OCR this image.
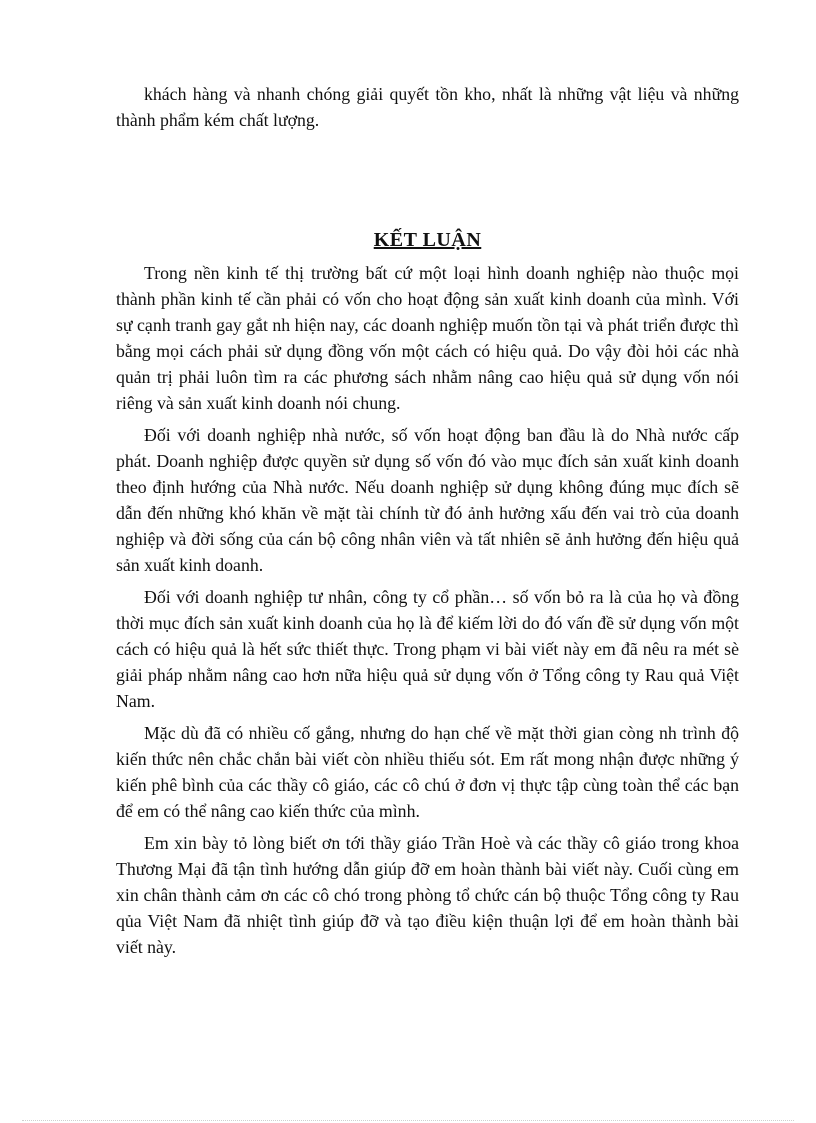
khách hàng và nhanh chóng giải quyết tồn kho, nhất là những vật liệu và những thành phẩm kém chất lượng.

KẾT LUẬN

Trong nền kinh tế thị trường bất cứ một loại hình doanh nghiệp nào thuộc mọi thành phần kinh tế cần phải có vốn cho hoạt động sản xuất kinh doanh của mình. Với sự cạnh tranh gay gắt nh hiện nay, các doanh nghiệp muốn tồn tại và phát triển được thì bằng mọi cách phải sử dụng đồng vốn một cách có hiệu quả. Do vậy đòi hỏi các nhà quản trị phải luôn tìm ra các phương sách nhằm nâng cao hiệu quả sử dụng vốn nói riêng và sản xuất kinh doanh nói chung.

Đối với doanh nghiệp nhà nước, số vốn hoạt động ban đầu là do Nhà nước cấp phát. Doanh nghiệp được quyền sử dụng số vốn đó vào mục đích sản xuất kinh doanh theo định hướng của Nhà nước. Nếu doanh nghiệp sử dụng không đúng mục đích sẽ dẫn đến những khó khăn về mặt tài chính từ đó ảnh hưởng xấu đến vai trò của doanh nghiệp và đời sống của cán bộ công nhân viên và tất nhiên sẽ ảnh hưởng đến hiệu quả sản xuất kinh doanh.

Đối với doanh nghiệp tư nhân, công ty cổ phần… số vốn bỏ ra là của họ và đồng thời mục đích sản xuất kinh doanh của họ là để kiếm lời do đó vấn đề sử dụng vốn một cách có hiệu quả là hết sức thiết thực. Trong phạm vi bài viết này em đã nêu ra mét sè giải pháp nhằm nâng cao hơn nữa hiệu quả sử dụng vốn ở Tổng công ty Rau quả Việt Nam.

Mặc dù đã có nhiều cố gắng, nhưng do hạn chế về mặt thời gian còng nh trình độ kiến thức nên chắc chắn bài viết còn nhiều thiếu sót. Em rất mong nhận được những ý kiến phê bình của các thầy cô giáo, các cô chú ở đơn vị thực tập cùng toàn thể các bạn để em có thể nâng cao kiến thức của mình.

Em xin bày tỏ lòng biết ơn tới thầy giáo Trần Hoè và các thầy cô giáo trong khoa Thương Mại đã tận tình hướng dẫn giúp đỡ em hoàn thành bài viết này. Cuối cùng em xin chân thành cảm ơn các cô chó trong phòng tổ chức cán bộ thuộc Tổng công ty Rau qủa Việt Nam đã nhiệt tình giúp đỡ và tạo điều kiện thuận lợi để em hoàn thành bài viết này.
